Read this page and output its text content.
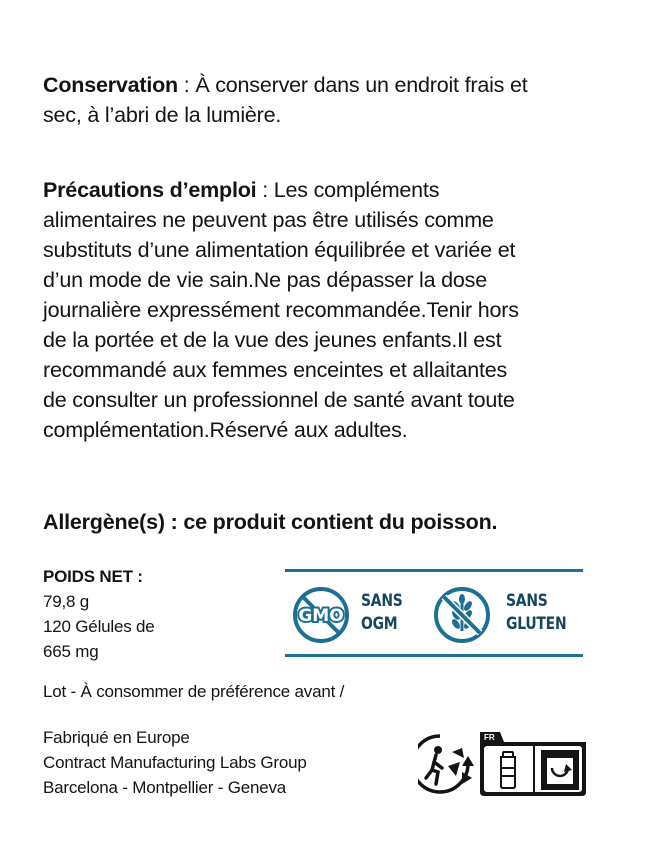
Conservation : À conserver dans un endroit frais et
sec, à l’abri de la lumière.
Précautions d’emploi : Les compléments
alimentaires ne peuvent pas être utilisés comme
substituts d’une alimentation équilibrée et variée et
d’un mode de vie sain.Ne pas dépasser la dose
journalière expressément recommandée.Tenir hors
de la portée et de la vue des jeunes enfants.Il est
recommandé aux femmes enceintes et allaitantes
de consulter un professionnel de santé avant toute
complémentation.Réservé aux adultes.
Allergène(s) : ce produit contient du poisson.
POIDS NET :
79,8 g
120 Gélules de
665 mg
GMO
SANS
OGM
SANS
GLUTEN
Lot - À consommer de préférence avant /
Fabriqué en Europe
Contract Manufacturing Labs Group
Barcelona - Montpellier - Geneva
FR
